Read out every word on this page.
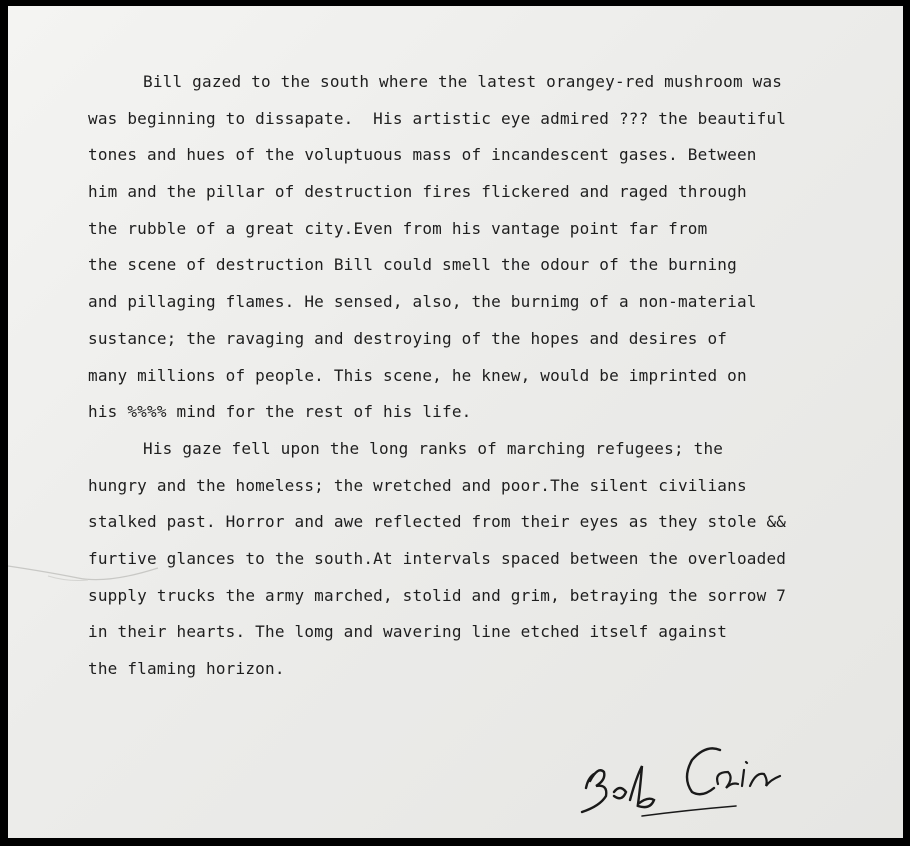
Bill gazed to the south where the latest orangey-red mushroom was
was beginning to dissapate.  His artistic eye admired ??? the beautiful
tones and hues of the voluptuous mass of incandescent gases. Between
him and the pillar of destruction fires flickered and raged through
the rubble of a great city.Even from his vantage point far from
the scene of destruction Bill could smell the odour of the burning
and pillaging flames. He sensed, also, the burnimg of a non-material
sustance; the ravaging and destroying of the hopes and desires of
many millions of people. This scene, he knew, would be imprinted on
his %%%% mind for the rest of his life.
His gaze fell upon the long ranks of marching refugees; the
hungry and the homeless; the wretched and poor.The silent civilians
stalked past. Horror and awe reflected from their eyes as they stole &&
furtive glances to the south.At intervals spaced between the overloaded
supply trucks the army marched, stolid and grim, betraying the sorrow 7
in their hearts. The lomg and wavering line etched itself against
the flaming horizon.
